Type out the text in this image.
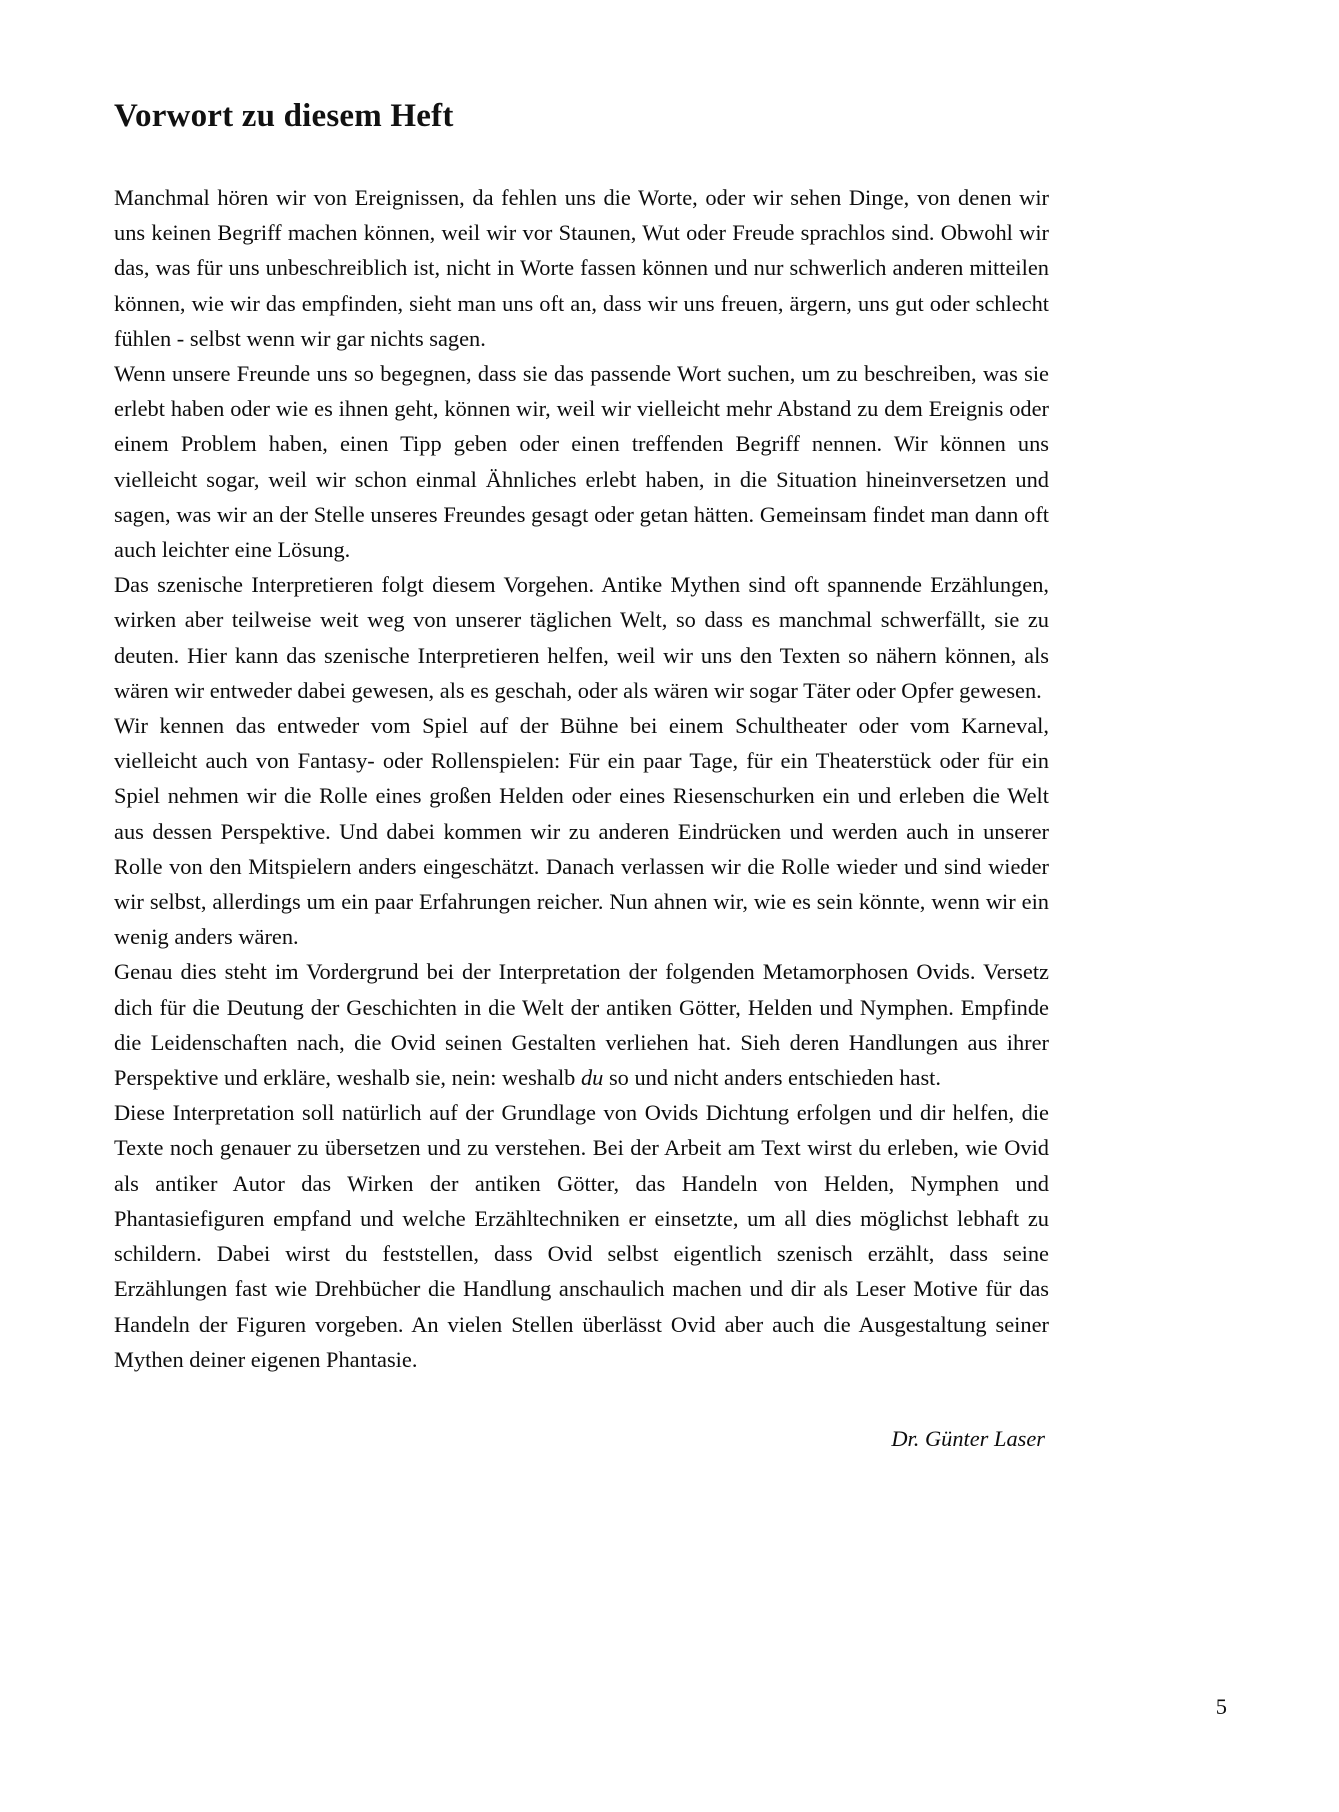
Vorwort zu diesem Heft

Manchmal hören wir von Ereignissen, da fehlen uns die Worte, oder wir sehen Dinge, von denen wir uns keinen Begriff machen können, weil wir vor Staunen, Wut oder Freude sprachlos sind. Obwohl wir das, was für uns unbeschreiblich ist, nicht in Worte fassen können und nur schwerlich anderen mitteilen können, wie wir das empfinden, sieht man uns oft an, dass wir uns freuen, ärgern, uns gut oder schlecht fühlen - selbst wenn wir gar nichts sagen.

Wenn unsere Freunde uns so begegnen, dass sie das passende Wort suchen, um zu beschreiben, was sie erlebt haben oder wie es ihnen geht, können wir, weil wir vielleicht mehr Abstand zu dem Ereignis oder einem Problem haben, einen Tipp geben oder einen treffenden Begriff nennen. Wir können uns vielleicht sogar, weil wir schon einmal Ähnliches erlebt haben, in die Situation hineinversetzen und sagen, was wir an der Stelle unseres Freundes gesagt oder getan hätten. Gemeinsam findet man dann oft auch leichter eine Lösung.

Das szenische Interpretieren folgt diesem Vorgehen. Antike Mythen sind oft spannende Erzählungen, wirken aber teilweise weit weg von unserer täglichen Welt, so dass es manchmal schwerfällt, sie zu deuten. Hier kann das szenische Interpretieren helfen, weil wir uns den Texten so nähern können, als wären wir entweder dabei gewesen, als es geschah, oder als wären wir sogar Täter oder Opfer gewesen.

Wir kennen das entweder vom Spiel auf der Bühne bei einem Schultheater oder vom Karneval, vielleicht auch von Fantasy- oder Rollenspielen: Für ein paar Tage, für ein Theaterstück oder für ein Spiel nehmen wir die Rolle eines großen Helden oder eines Riesenschurken ein und erleben die Welt aus dessen Perspektive. Und dabei kommen wir zu anderen Eindrücken und werden auch in unserer Rolle von den Mitspielern anders eingeschätzt. Danach verlassen wir die Rolle wieder und sind wieder wir selbst, allerdings um ein paar Erfahrungen reicher. Nun ahnen wir, wie es sein könnte, wenn wir ein wenig anders wären.

Genau dies steht im Vordergrund bei der Interpretation der folgenden Metamorphosen Ovids. Versetz dich für die Deutung der Geschichten in die Welt der antiken Götter, Helden und Nymphen. Empfinde die Leidenschaften nach, die Ovid seinen Gestalten verliehen hat. Sieh deren Handlungen aus ihrer Perspektive und erkläre, weshalb sie, nein: weshalb du so und nicht anders entschieden hast.

Diese Interpretation soll natürlich auf der Grundlage von Ovids Dichtung erfolgen und dir helfen, die Texte noch genauer zu übersetzen und zu verstehen. Bei der Arbeit am Text wirst du erleben, wie Ovid als antiker Autor das Wirken der antiken Götter, das Handeln von Helden, Nymphen und Phantasiefiguren empfand und welche Erzähltechniken er einsetzte, um all dies möglichst lebhaft zu schildern. Dabei wirst du feststellen, dass Ovid selbst eigentlich szenisch erzählt, dass seine Erzählungen fast wie Drehbücher die Handlung anschaulich machen und dir als Leser Motive für das Handeln der Figuren vorgeben. An vielen Stellen überlässt Ovid aber auch die Ausgestaltung seiner Mythen deiner eigenen Phantasie.

Dr. Günter Laser
5
